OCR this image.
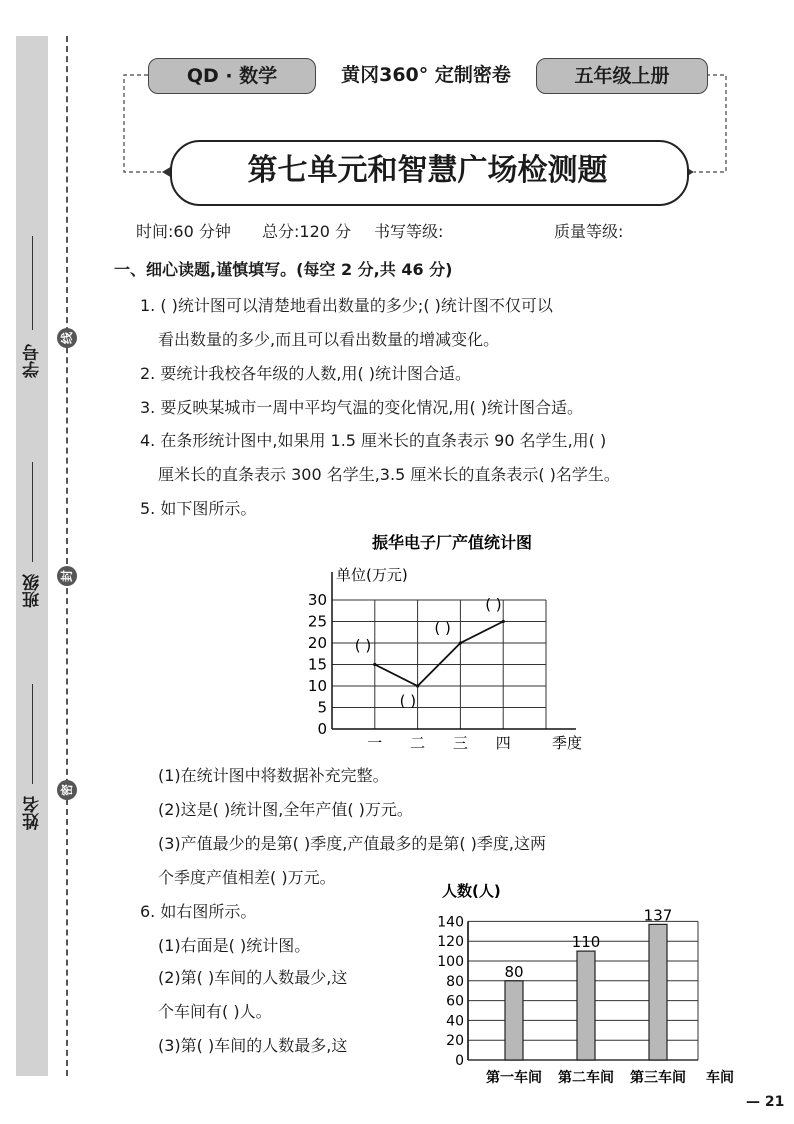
学号
班级
姓名
线
封
密
QD · 数学	黄冈360° 定制密卷	五年级上册
第七单元和智慧广场检测题
时间:60 分钟 总分:120 分 书写等级:	质量等级:
一、细心读题,谨慎填写。(每空 2 分,共 46 分)
1. ( )统计图可以清楚地看出数量的多少;( )统计图不仅可以
看出数量的多少,而且可以看出数量的增减变化。
2. 要统计我校各年级的人数,用( )统计图合适。
3. 要反映某城市一周中平均气温的变化情况,用( )统计图合适。
4. 在条形统计图中,如果用 1.5 厘米长的直条表示 90 名学生,用( )
厘米长的直条表示 300 名学生,3.5 厘米长的直条表示( )名学生。
5. 如下图所示。
0
5
10
15
20
25
30
一 二 三 四
( )
( )
( )
( )
振华电子厂产值统计图
单位(万元)
季度
(1)在统计图中将数据补充完整。
(2)这是( )统计图,全年产值( )万元。
(3)产值最少的是第( )季度,产值最多的是第( )季度,这两
个季度产值相差( )万元。
6. 如右图所示。
(1)右面是( )统计图。
(2)第( )车间的人数最少,这
个车间有( )人。
(3)第( )车间的人数最多,这
80
110
137
0
20
40
60
80
100
120
140
第一车间 第二车间 第三车间
人数(人)
车间
— 21
